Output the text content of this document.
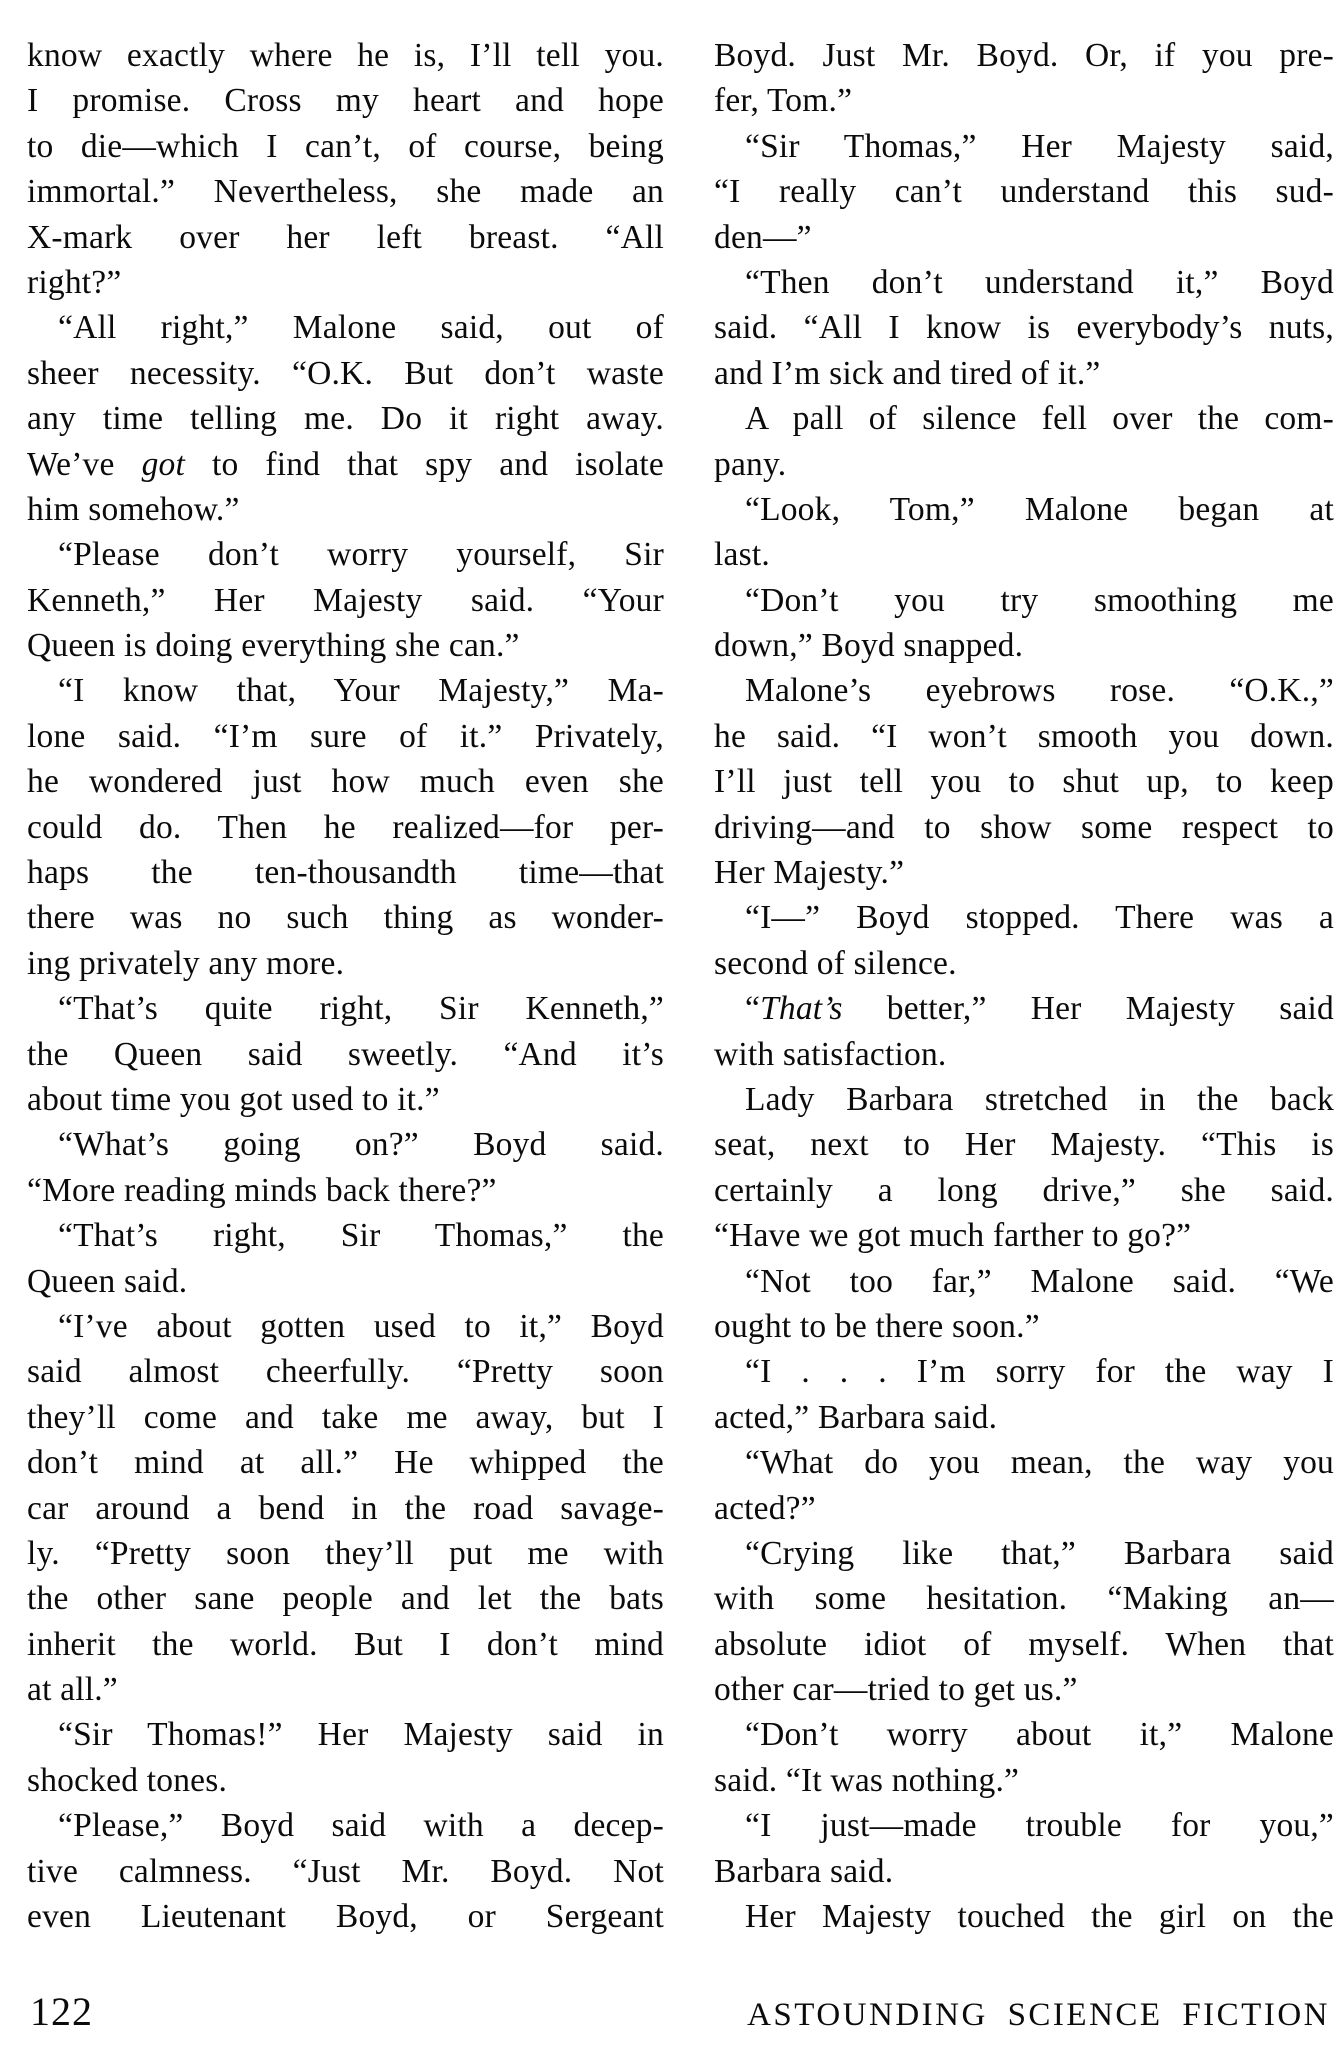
know exactly where he is, I’ll tell you.
I promise. Cross my heart and hope
to die—which I can’t, of course, being
immortal.” Nevertheless, she made an
X-mark over her left breast. “All
right?”
“All right,” Malone said, out of
sheer necessity. “O.K. But don’t waste
any time telling me. Do it right away.
We’ve got to find that spy and isolate
him somehow.”
“Please don’t worry yourself, Sir
Kenneth,” Her Majesty said. “Your
Queen is doing everything she can.”
“I know that, Your Majesty,” Ma-
lone said. “I’m sure of it.” Privately,
he wondered just how much even she
could do. Then he realized—for per-
haps the ten-thousandth time—that
there was no such thing as wonder-
ing privately any more.
“That’s quite right, Sir Kenneth,”
the Queen said sweetly. “And it’s
about time you got used to it.”
“What’s going on?” Boyd said.
“More reading minds back there?”
“That’s right, Sir Thomas,” the
Queen said.
“I’ve about gotten used to it,” Boyd
said almost cheerfully. “Pretty soon
they’ll come and take me away, but I
don’t mind at all.” He whipped the
car around a bend in the road savage-
ly. “Pretty soon they’ll put me with
the other sane people and let the bats
inherit the world. But I don’t mind
at all.”
“Sir Thomas!” Her Majesty said in
shocked tones.
“Please,” Boyd said with a decep-
tive calmness. “Just Mr. Boyd. Not
even Lieutenant Boyd, or Sergeant
Boyd. Just Mr. Boyd. Or, if you pre-
fer, Tom.”
“Sir Thomas,” Her Majesty said,
“I really can’t understand this sud-
den—”
“Then don’t understand it,” Boyd
said. “All I know is everybody’s nuts,
and I’m sick and tired of it.”
A pall of silence fell over the com-
pany.
“Look, Tom,” Malone began at
last.
“Don’t you try smoothing me
down,” Boyd snapped.
Malone’s eyebrows rose. “O.K.,”
he said. “I won’t smooth you down.
I’ll just tell you to shut up, to keep
driving—and to show some respect to
Her Majesty.”
“I—” Boyd stopped. There was a
second of silence.
“That’s better,” Her Majesty said
with satisfaction.
Lady Barbara stretched in the back
seat, next to Her Majesty. “This is
certainly a long drive,” she said.
“Have we got much farther to go?”
“Not too far,” Malone said. “We
ought to be there soon.”
“I . . . I’m sorry for the way I
acted,” Barbara said.
“What do you mean, the way you
acted?”
“Crying like that,” Barbara said
with some hesitation. “Making an—
absolute idiot of myself. When that
other car—tried to get us.”
“Don’t worry about it,” Malone
said. “It was nothing.”
“I just—made trouble for you,”
Barbara said.
Her Majesty touched the girl on the
122	ASTOUNDING SCIENCE FICTION
